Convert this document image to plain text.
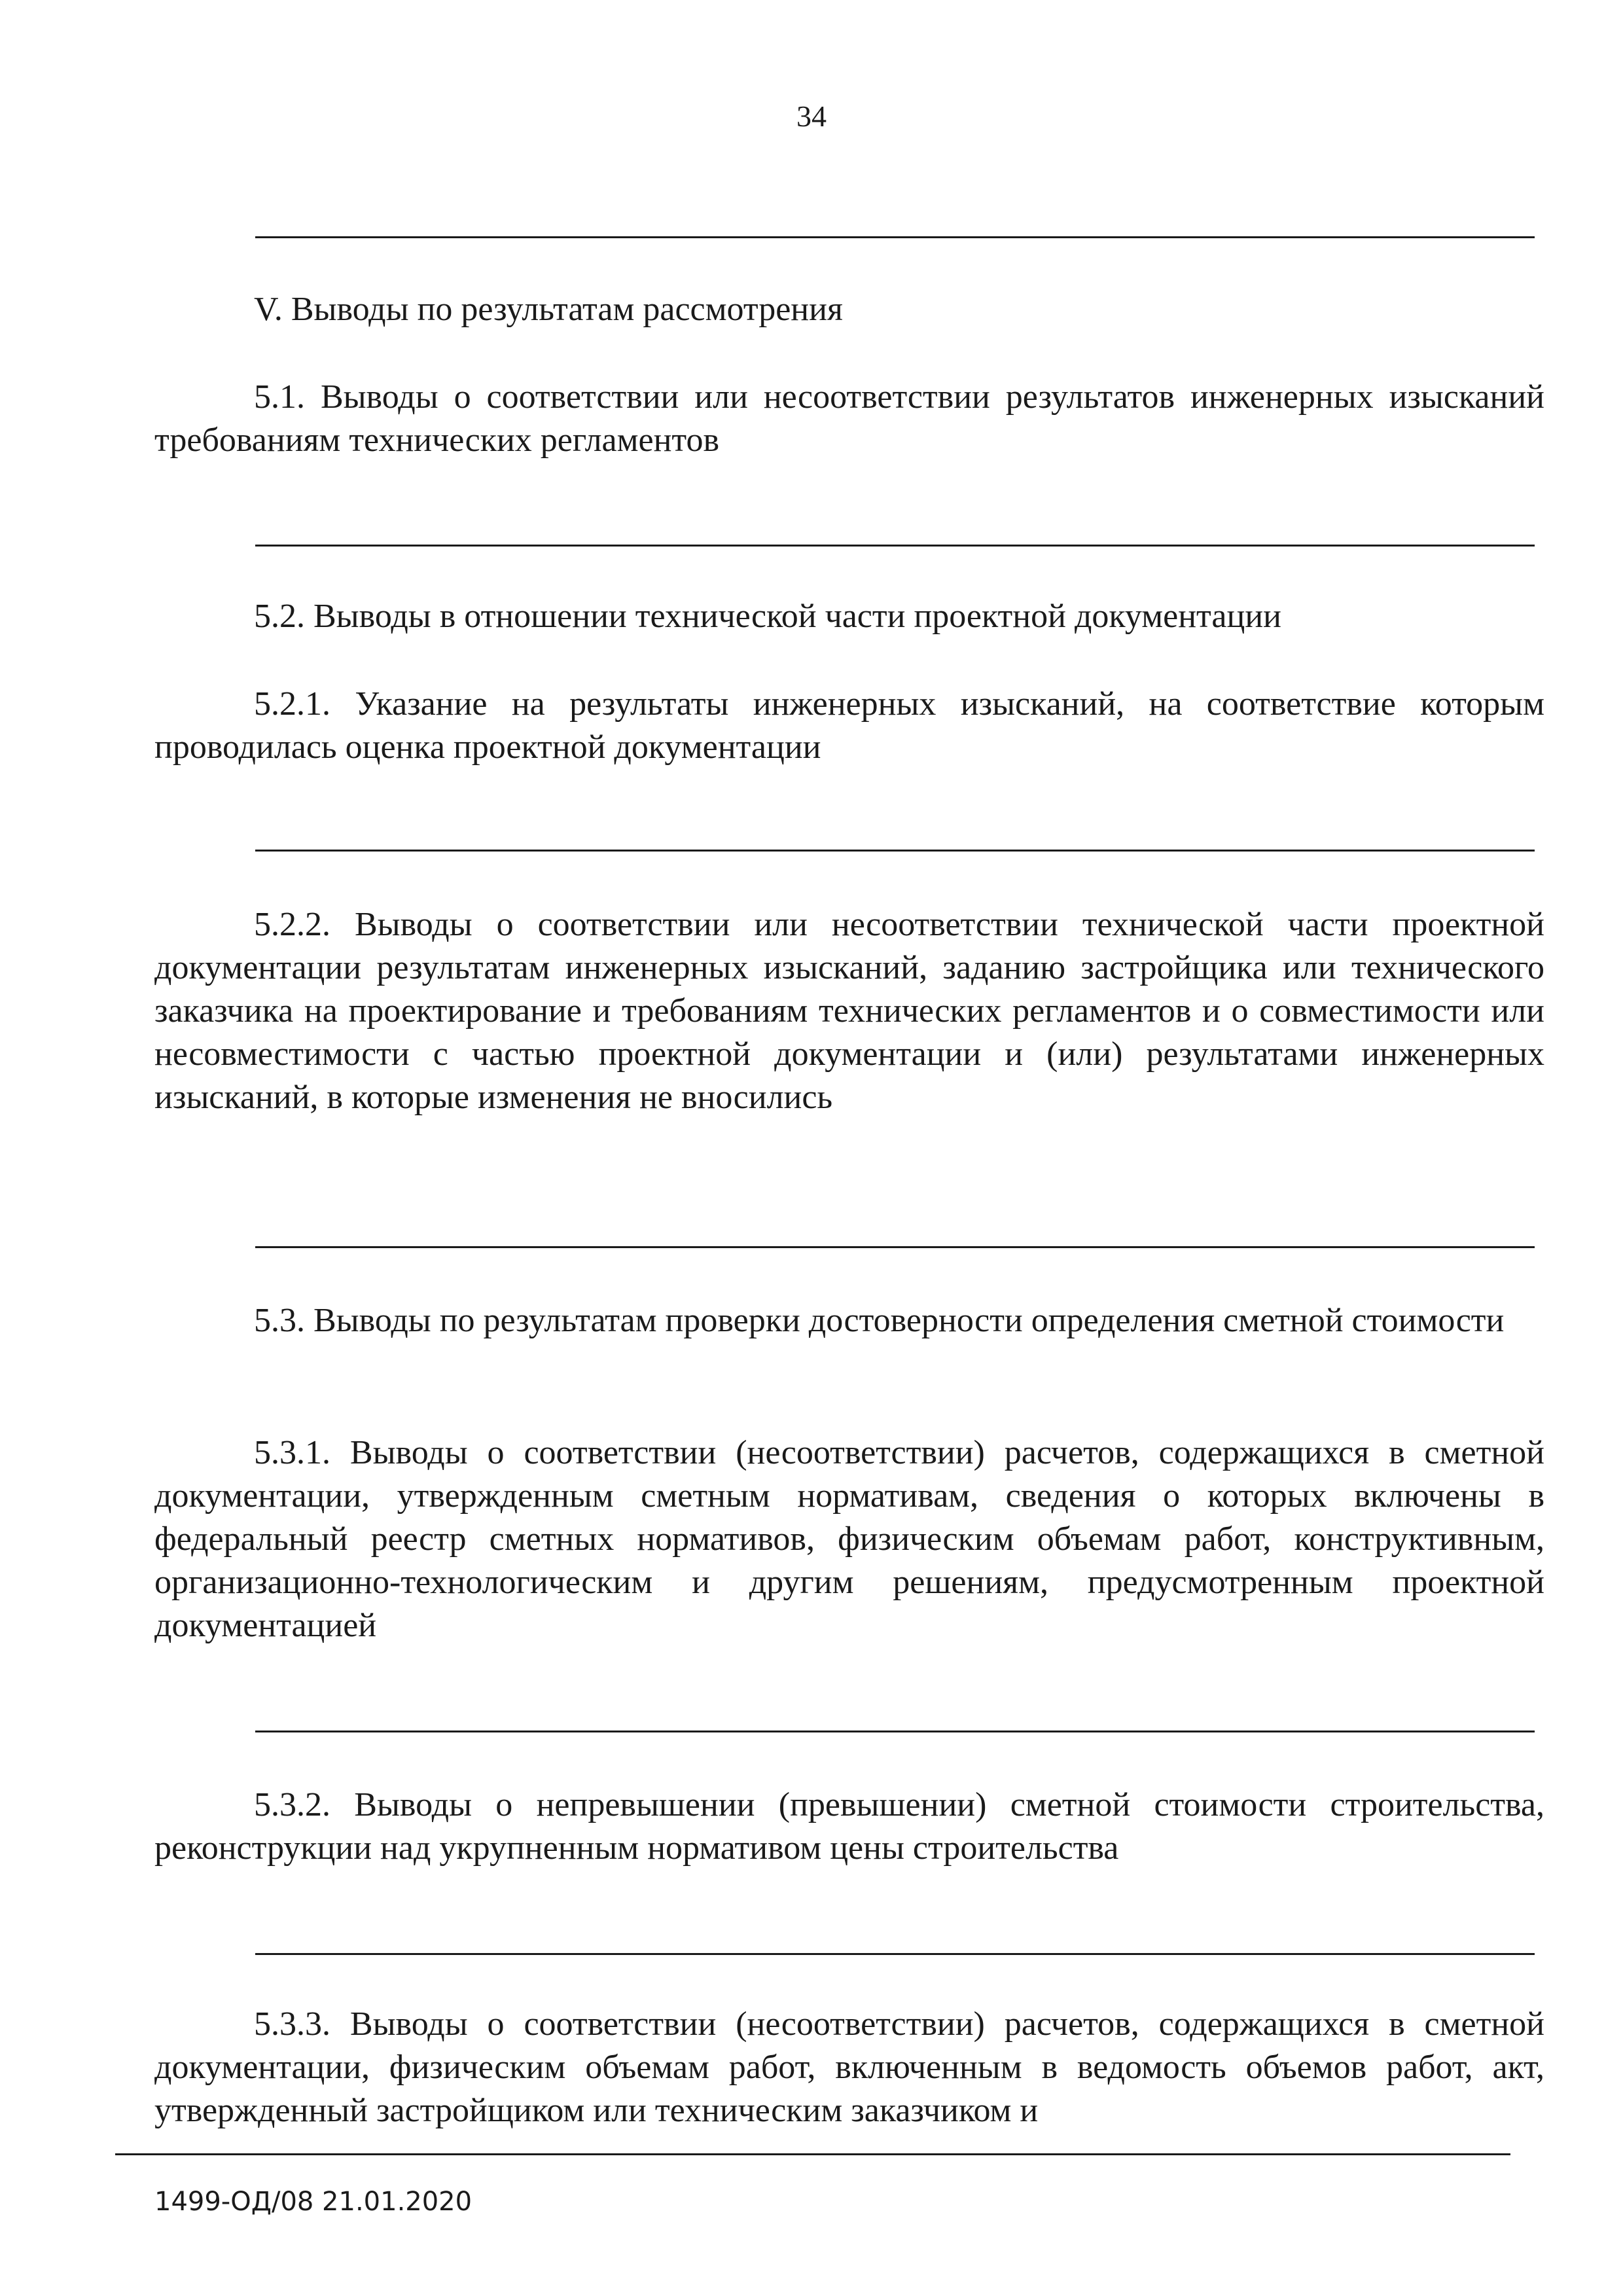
34

V. Выводы по результатам рассмотрения

5.1. Выводы о соответствии или несоответствии результатов инженерных изысканий требованиям технических регламентов

5.2. Выводы в отношении технической части проектной документации

5.2.1. Указание на результаты инженерных изысканий, на соответствие которым проводилась оценка проектной документации

5.2.2. Выводы о соответствии или несоответствии технической части проектной документации результатам инженерных изысканий, заданию застройщика или технического заказчика на проектирование и требованиям технических регламентов и о совместимости или несовместимости с частью проектной документации и (или) результатами инженерных изысканий, в которые изменения не вносились

5.3. Выводы по результатам проверки достоверности определения сметной стоимости

5.3.1. Выводы о соответствии (несоответствии) расчетов, содержащихся в сметной документации, утвержденным сметным нормативам, сведения о которых включены в федеральный реестр сметных нормативов, физическим объемам работ, конструктивным, организационно-технологическим и другим решениям, предусмотренным проектной документацией

5.3.2. Выводы о непревышении (превышении) сметной стоимости строительства, реконструкции над укрупненным нормативом цены строительства

5.3.3. Выводы о соответствии (несоответствии) расчетов, содержащихся в сметной документации, физическим объемам работ, включенным в ведомость объемов работ, акт, утвержденный застройщиком или техническим заказчиком и

1499-ОД/08 21.01.2020
